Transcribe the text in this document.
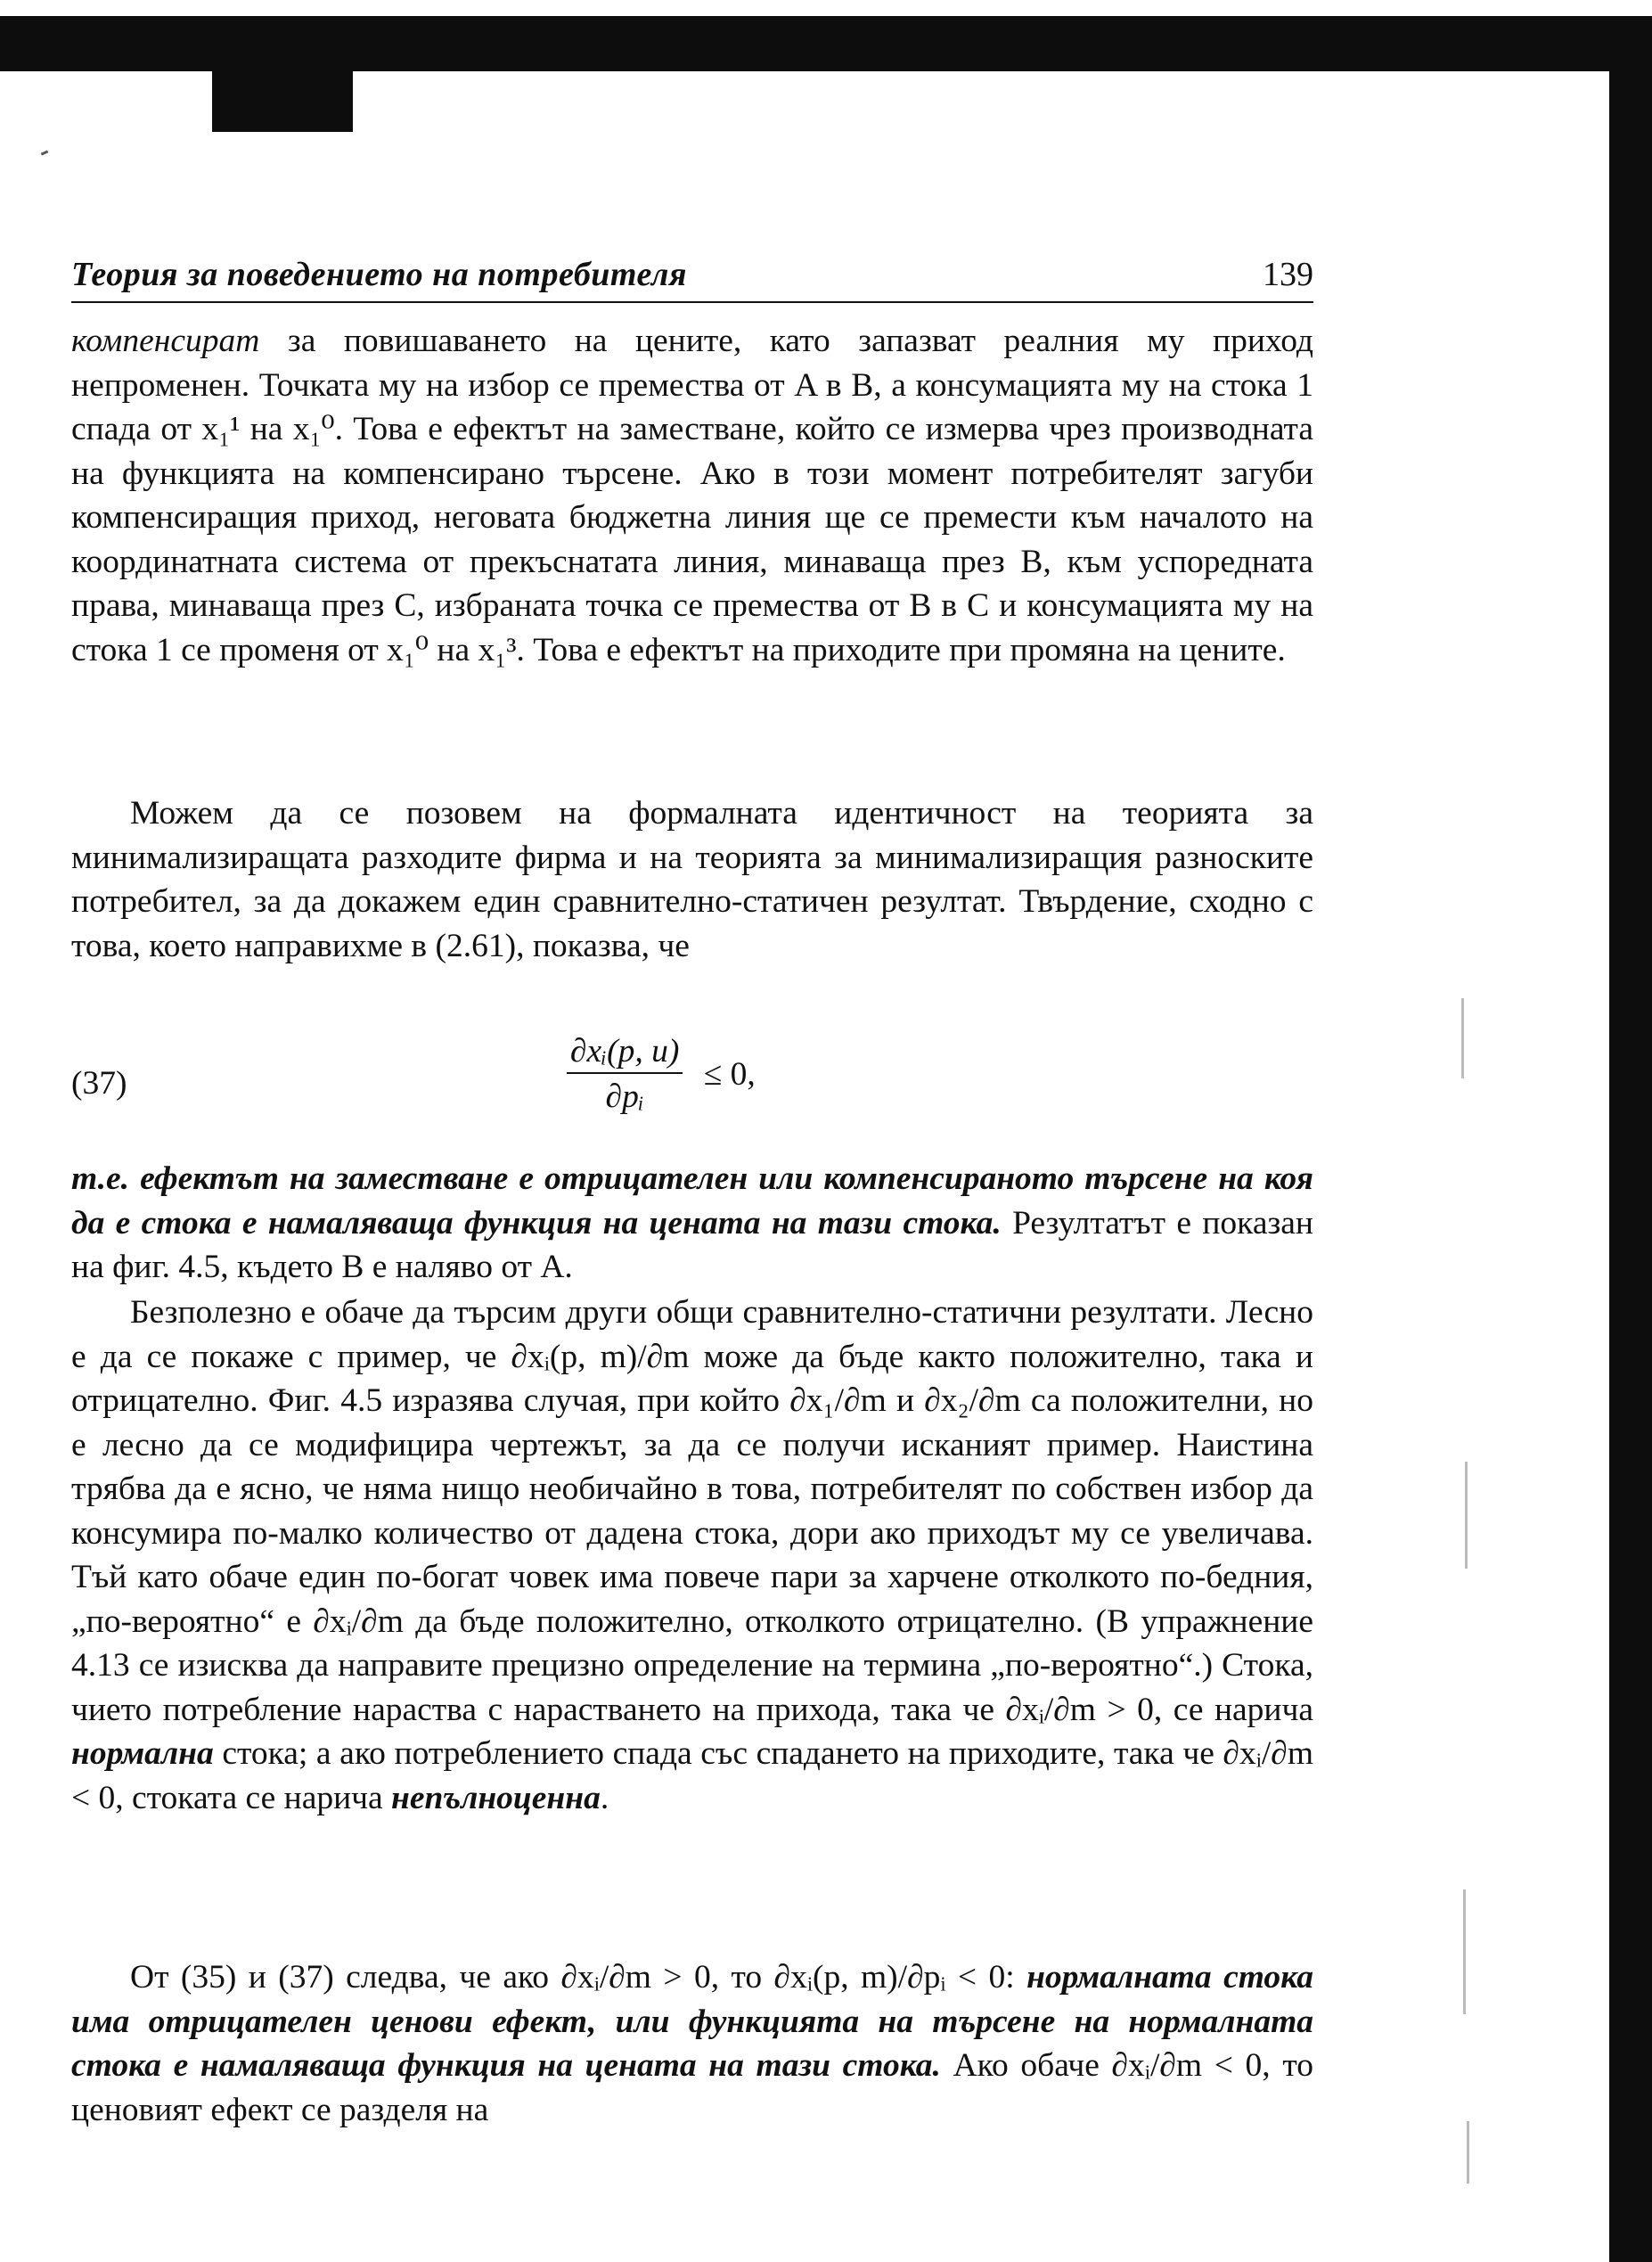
Теория за поведението на потребителя	139

компенсират за повишаването на цените, като запазват реалния му приход непроменен. Точката му на избор се премества от A в B, а консумацията му на стока 1 спада от x₁¹ на x₁⁰. Това е ефектът на заместване, който се измерва чрез производната на функцията на компенсирано търсене. Ако в този момент потребителят загуби компенсиращия приход, неговата бюджетна линия ще се премести към началото на координатната система от прекъснатата линия, минаваща през B, към успоредната права, минаваща през C, избраната точка се премества от B в C и консумацията му на стока 1 се променя от x₁⁰ на x₁³. Това е ефектът на приходите при промяна на цените.

Можем да се позовем на формалната идентичност на теорията за минимализиращата разходите фирма и на теорията за минимализиращия разноските потребител, за да докажем един сравнително-статичен резултат. Твърдение, сходно с това, което направихме в (2.61), показва, че

(37)	$\frac{\text{∂xᵢ(p, u)}}{\text{∂pᵢ}} \le 0$,

т.е. ефектът на заместване е отрицателен или компенсираното търсене на коя да е стока е намаляваща функция на цената на тази стока. Резултатът е показан на фиг. 4.5, където B е наляво от A.

Безполезно е обаче да търсим други общи сравнително-статични резултати. Лесно е да се покаже с пример, че ∂xᵢ(p, m)/∂m може да бъде както положително, така и отрицателно. Фиг. 4.5 изразява случая, при който ∂x₁/∂m и ∂x₂/∂m са положителни, но е лесно да се модифицира чертежът, за да се получи исканият пример. Наистина трябва да е ясно, че няма нищо необичайно в това, потребителят по собствен избор да консумира по-малко количество от дадена стока, дори ако приходът му се увеличава. Тъй като обаче един по-богат човек има повече пари за харчене отколкото по-бедния, „по-вероятно“ е ∂xᵢ/∂m да бъде положително, отколкото отрицателно. (В упражнение 4.13 се изисква да направите прецизно определение на термина „по-вероятно“.) Стока, чието потребление нараства с нарастването на прихода, така че ∂xᵢ/∂m > 0, се нарича нормална стока; а ако потреблението спада със спадането на приходите, така че ∂xᵢ/∂m < 0, стоката се нарича непълноценна.

От (35) и (37) следва, че ако ∂xᵢ/∂m > 0, то ∂xᵢ(p, m)/∂pᵢ < 0: нормалната стока има отрицателен ценови ефект, или функцията на търсене на нормалната стока е намаляваща функция на цената на тази стока. Ако обаче ∂xᵢ/∂m < 0, то ценовият ефект се разделя на
